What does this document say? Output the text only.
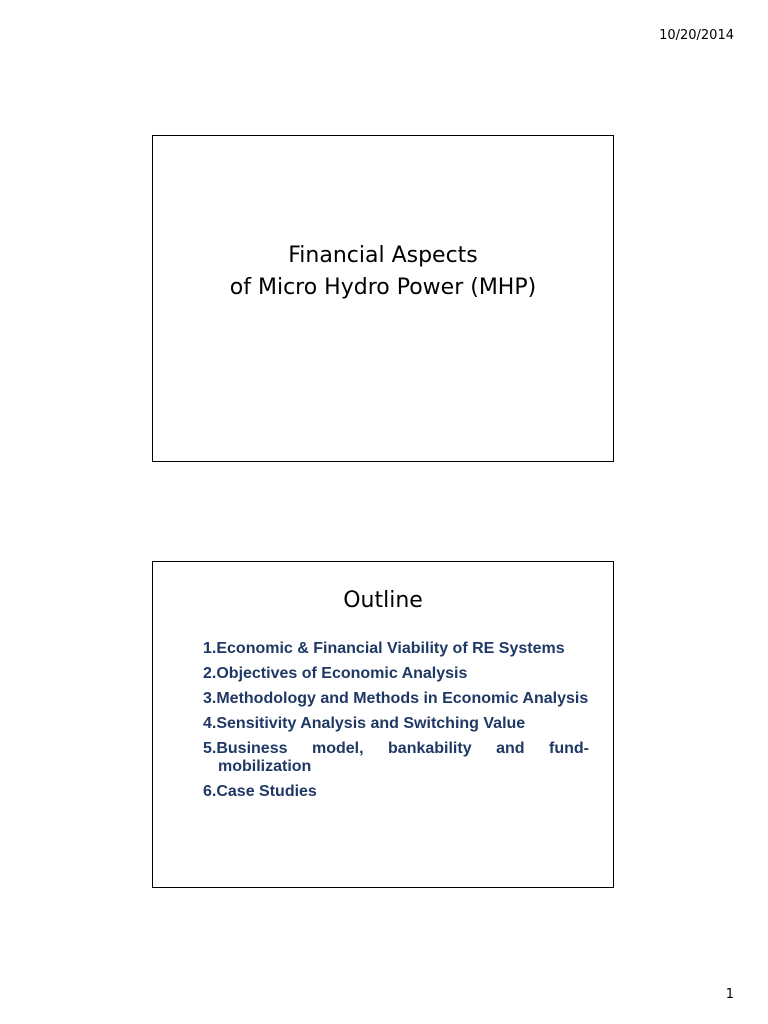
10/20/2014
Financial Aspects
of Micro Hydro Power (MHP)
Outline
1.Economic & Financial Viability of RE Systems
2.Objectives of Economic Analysis
3.Methodology and Methods in Economic Analysis
4.Sensitivity Analysis and Switching Value
5.Business model, bankability and fund-mobilization
6.Case Studies
1
